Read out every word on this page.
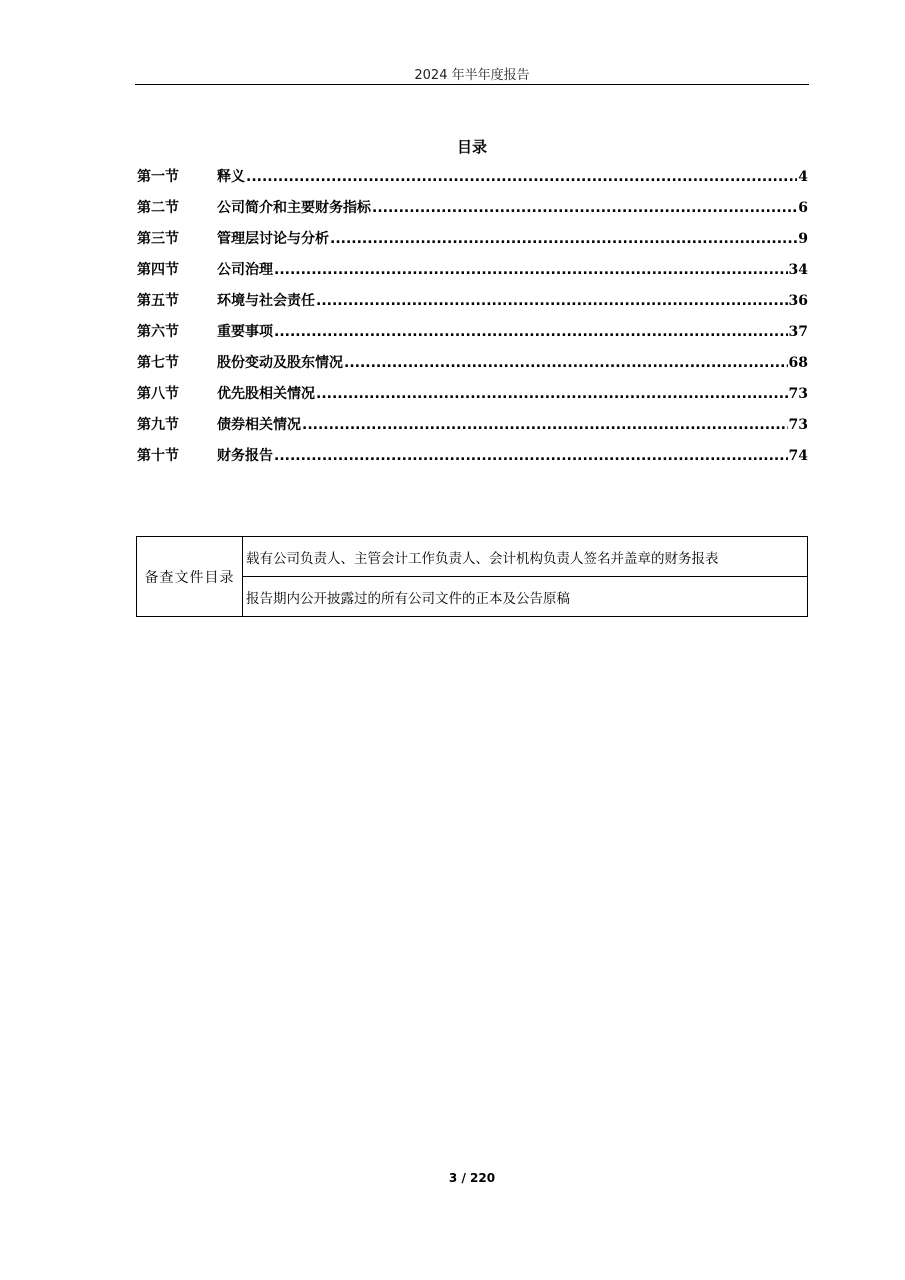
2024 年半年度报告
目录
第一节	释义 .....	4
第二节	公司简介和主要财务指标 .....	6
第三节	管理层讨论与分析 .....	9
第四节	公司治理 .....	34
第五节	环境与社会责任 .....	36
第六节	重要事项 .....	37
第七节	股份变动及股东情况 .....	68
第八节	优先股相关情况 .....	73
第九节	债券相关情况 .....	73
第十节	财务报告 .....	74
备查文件目录	载有公司负责人、主管会计工作负责人、会计机构负责人签名并盖章的财务报表
报告期内公开披露过的所有公司文件的正本及公告原稿
3 / 220
